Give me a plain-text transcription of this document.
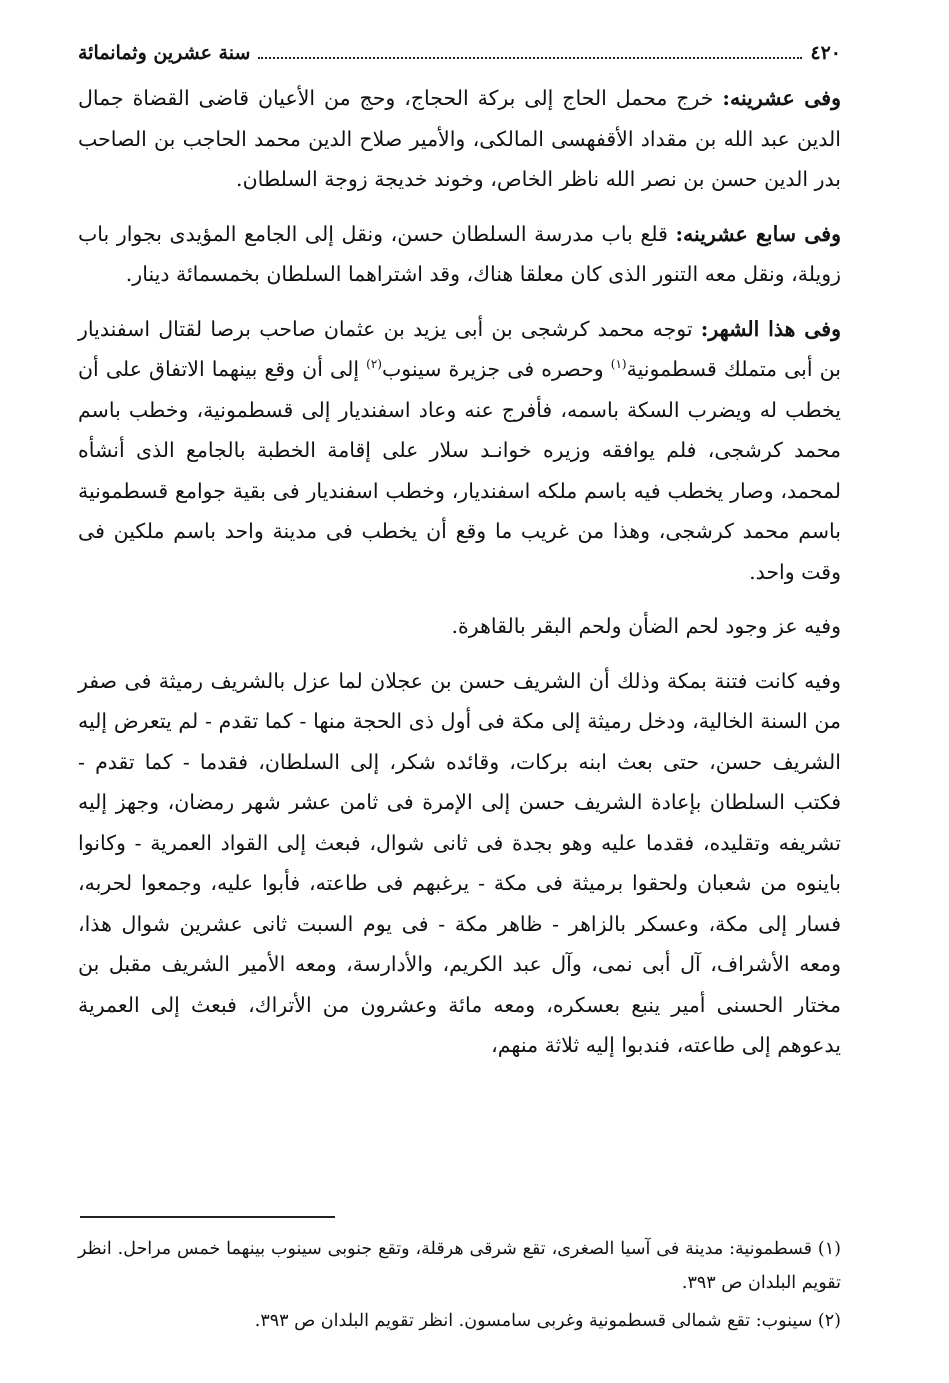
٤٢٠
سنة عشرين وثمانمائة

وفى عشرينه: خرج محمل الحاج إلى بركة الحجاج، وحج من الأعيان قاضى القضاة جمال الدين عبد الله بن مقداد الأقفهسى المالكى، والأمير صلاح الدين محمد الحاجب بن الصاحب بدر الدين حسن بن نصر الله ناظر الخاص، وخوند خديجة زوجة السلطان.

وفى سابع عشرينه: قلع باب مدرسة السلطان حسن، ونقل إلى الجامع المؤيدى بجوار باب زويلة، ونقل معه التنور الذى كان معلقا هناك، وقد اشتراهما السلطان بخمسمائة دينار.

وفى هذا الشهر: توجه محمد كرشجى بن أبى يزيد بن عثمان صاحب برصا لقتال اسفنديار بن أبى متملك قسطمونية$^{(١)}$ وحصره فى جزيرة سينوب$^{(٢)}$ إلى أن وقع بينهما الاتفاق على أن يخطب له ويضرب السكة باسمه، فأفرج عنه وعاد اسفنديار إلى قسطمونية، وخطب باسم محمد كرشجى، فلم يوافقه وزيره خوانـد سلار على إقامة الخطبة بالجامع الذى أنشأه لمحمد، وصار يخطب فيه باسم ملكه اسفنديار، وخطب اسفنديار فى بقية جوامع قسطمونية باسم محمد كرشجى، وهذا من غريب ما وقع أن يخطب فى مدينة واحد باسم ملكين فى وقت واحد.

وفيه عز وجود لحم الضأن ولحم البقر بالقاهرة.

وفيه كانت فتنة بمكة وذلك أن الشريف حسن بن عجلان لما عزل بالشريف رميثة فى صفر من السنة الخالية، ودخل رميثة إلى مكة فى أول ذى الحجة منها - كما تقدم - لم يتعرض إليه الشريف حسن، حتى بعث ابنه بركات، وقائده شكر، إلى السلطان، فقدما - كما تقدم - فكتب السلطان بإعادة الشريف حسن إلى الإمرة فى ثامن عشر شهر رمضان، وجهز إليه تشريفه وتقليده، فقدما عليه وهو بجدة فى ثانى شوال، فبعث إلى القواد العمرية - وكانوا باينوه من شعبان ولحقوا برميثة فى مكة - يرغبهم فى طاعته، فأبوا عليه، وجمعوا لحربه، فسار إلى مكة، وعسكر بالزاهر - ظاهر مكة - فى يوم السبت ثانى عشرين شوال هذا، ومعه الأشراف، آل أبى نمى، وآل عبد الكريم، والأدارسة، ومعه الأمير الشريف مقبل بن مختار الحسنى أمير ينبع بعسكره، ومعه مائة وعشرون من الأتراك، فبعث إلى العمرية يدعوهم إلى طاعته، فندبوا إليه ثلاثة منهم،

(١) قسطمونية: مدينة فى آسيا الصغرى، تقع شرقى هرقلة، وتقع جنوبى سينوب بينهما خمس مراحل. انظر تقويم البلدان ص ٣٩٣.

(٢) سينوب: تقع شمالى قسطمونية وغربى سامسون. انظر تقويم البلدان ص ٣٩٣.
